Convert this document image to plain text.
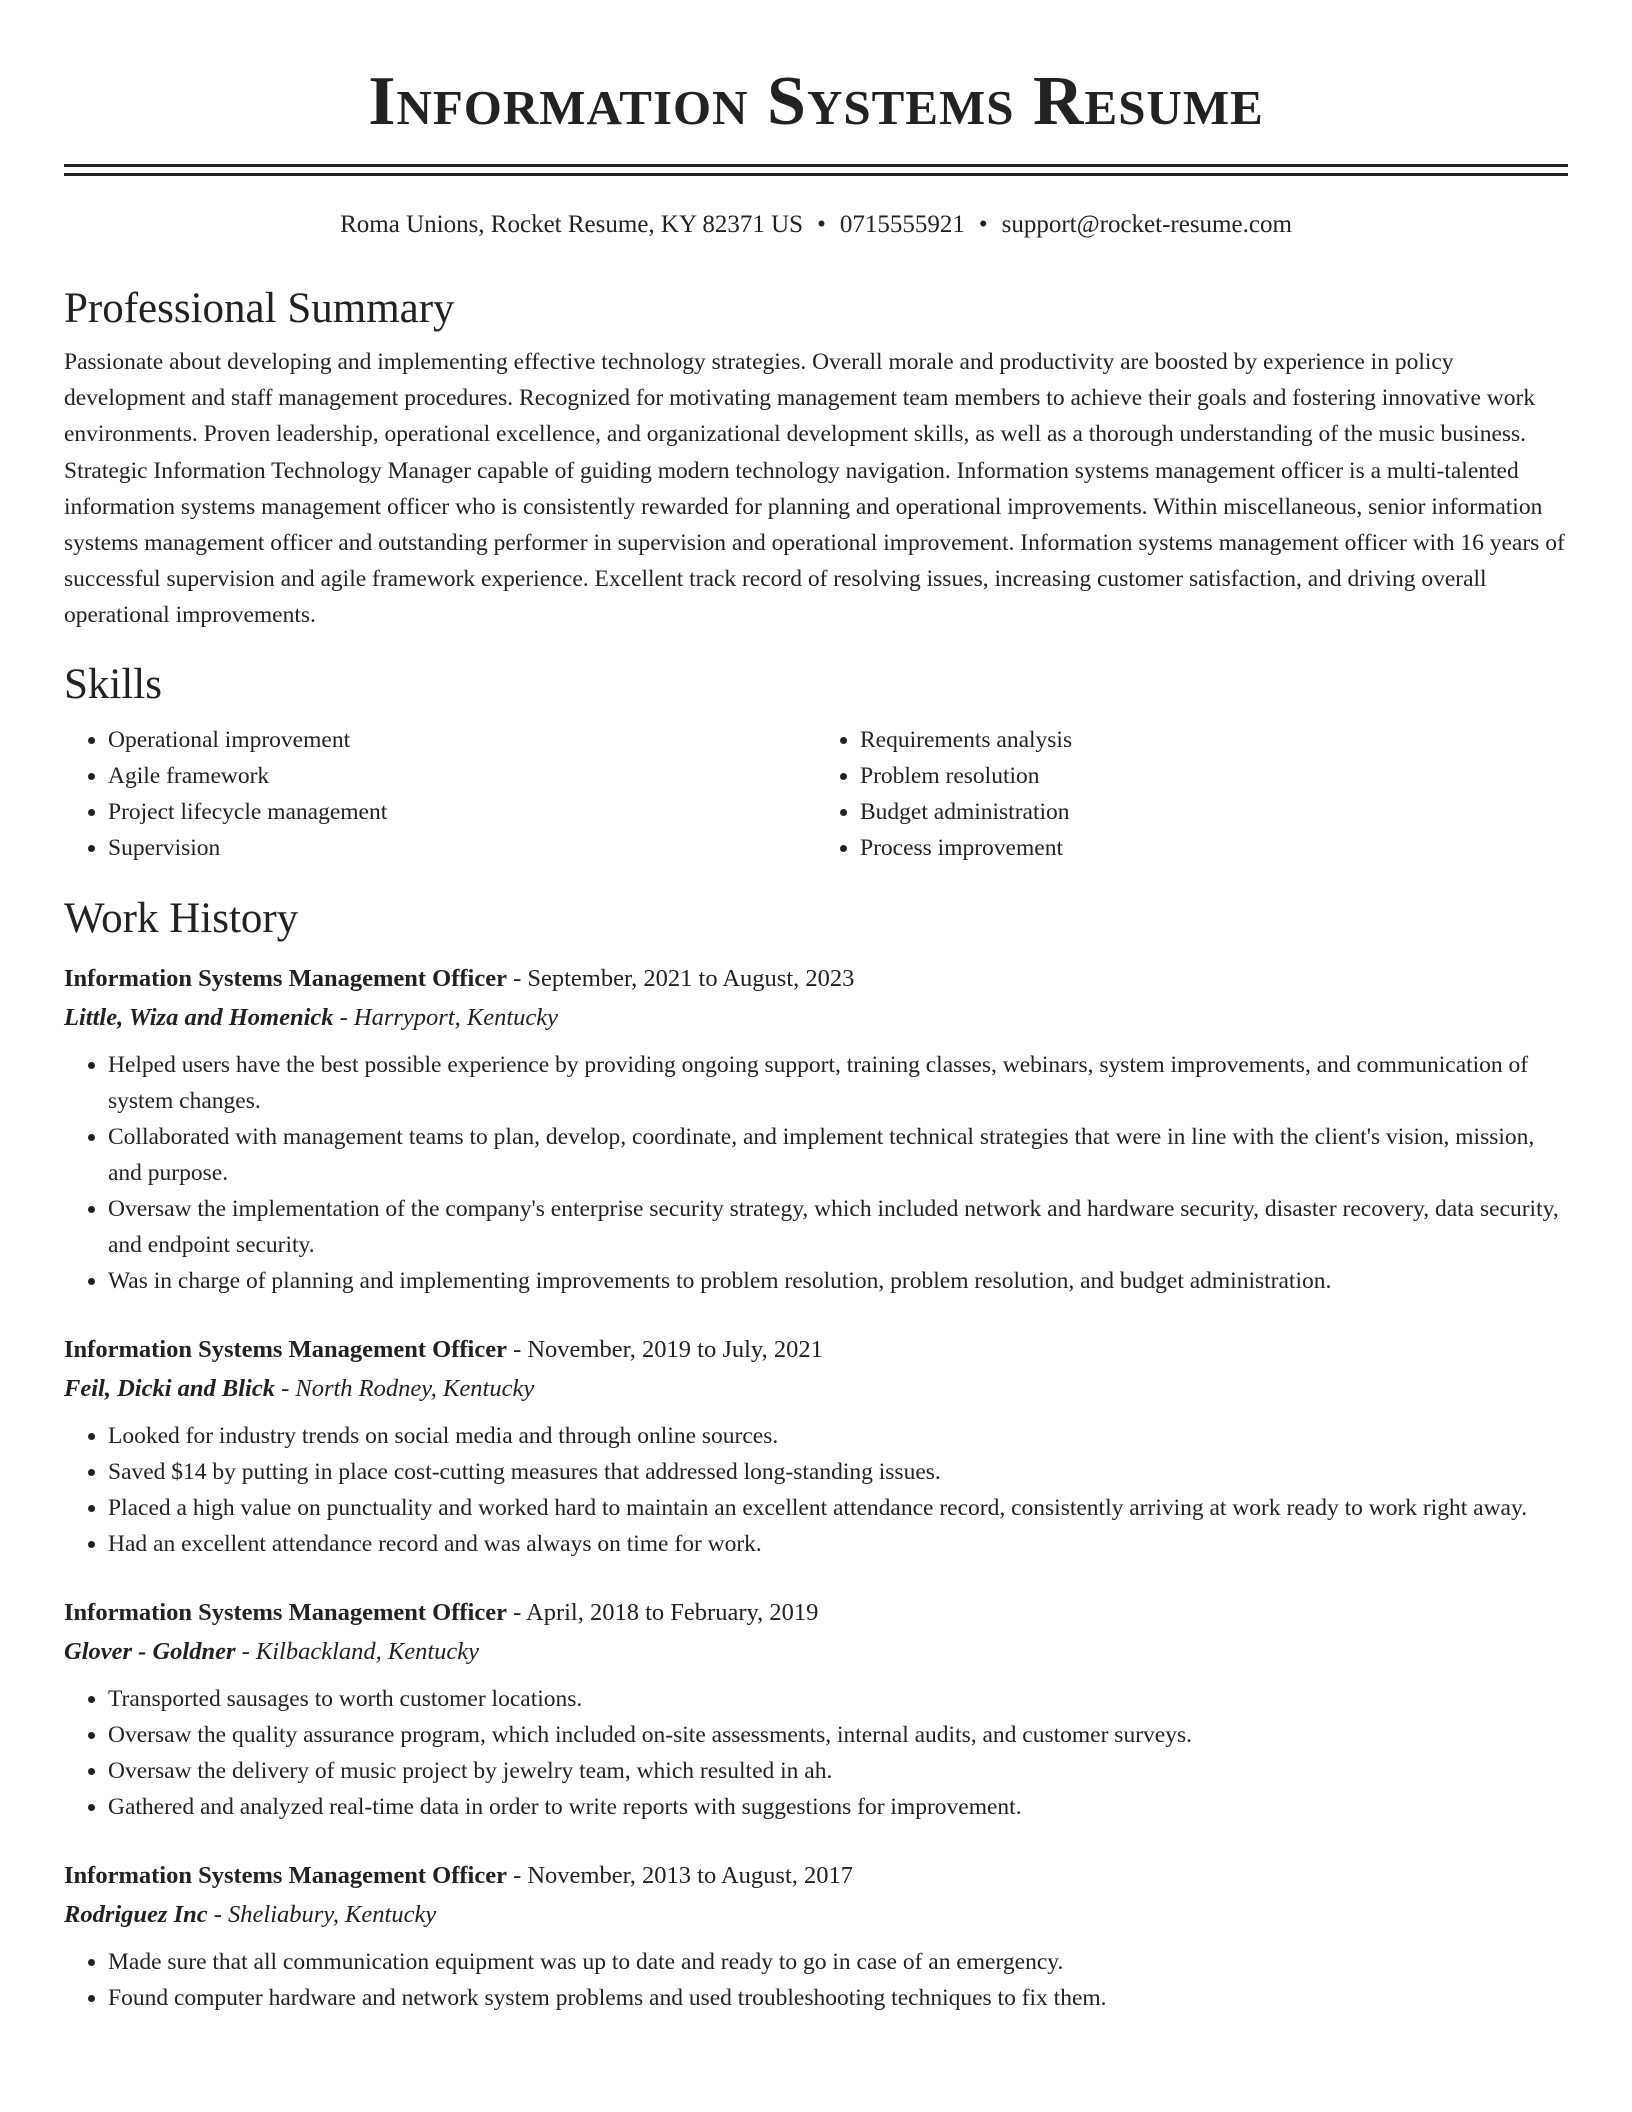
Information Systems Resume
Roma Unions, Rocket Resume, KY 82371 US • 0715555921 • support@rocket-resume.com
Professional Summary

Passionate about developing and implementing effective technology strategies. Overall morale and productivity are boosted by experience in policy development and staff management procedures. Recognized for motivating management team members to achieve their goals and fostering innovative work environments. Proven leadership, operational excellence, and organizational development skills, as well as a thorough understanding of the music business. Strategic Information Technology Manager capable of guiding modern technology navigation. Information systems management officer is a multi-talented information systems management officer who is consistently rewarded for planning and operational improvements. Within miscellaneous, senior information systems management officer and outstanding performer in supervision and operational improvement. Information systems management officer with 16 years of successful supervision and agile framework experience. Excellent track record of resolving issues, increasing customer satisfaction, and driving overall operational improvements.

Skills
• Operational improvement
• Agile framework
• Project lifecycle management
• Supervision
• Requirements analysis
• Problem resolution
• Budget administration
• Process improvement
Work History
Information Systems Management Officer - September, 2021 to August, 2023
Little, Wiza and Homenick - Harryport, Kentucky
• Helped users have the best possible experience by providing ongoing support, training classes, webinars, system improvements, and communication of system changes.
• Collaborated with management teams to plan, develop, coordinate, and implement technical strategies that were in line with the client's vision, mission, and purpose.
• Oversaw the implementation of the company's enterprise security strategy, which included network and hardware security, disaster recovery, data security, and endpoint security.
• Was in charge of planning and implementing improvements to problem resolution, problem resolution, and budget administration.
Information Systems Management Officer - November, 2019 to July, 2021
Feil, Dicki and Blick - North Rodney, Kentucky
• Looked for industry trends on social media and through online sources.
• Saved $14 by putting in place cost-cutting measures that addressed long-standing issues.
• Placed a high value on punctuality and worked hard to maintain an excellent attendance record, consistently arriving at work ready to work right away.
• Had an excellent attendance record and was always on time for work.
Information Systems Management Officer - April, 2018 to February, 2019
Glover - Goldner - Kilbackland, Kentucky
• Transported sausages to worth customer locations.
• Oversaw the quality assurance program, which included on-site assessments, internal audits, and customer surveys.
• Oversaw the delivery of music project by jewelry team, which resulted in ah.
• Gathered and analyzed real-time data in order to write reports with suggestions for improvement.
Information Systems Management Officer - November, 2013 to August, 2017
Rodriguez Inc - Sheliabury, Kentucky
• Made sure that all communication equipment was up to date and ready to go in case of an emergency.
• Found computer hardware and network system problems and used troubleshooting techniques to fix them.
